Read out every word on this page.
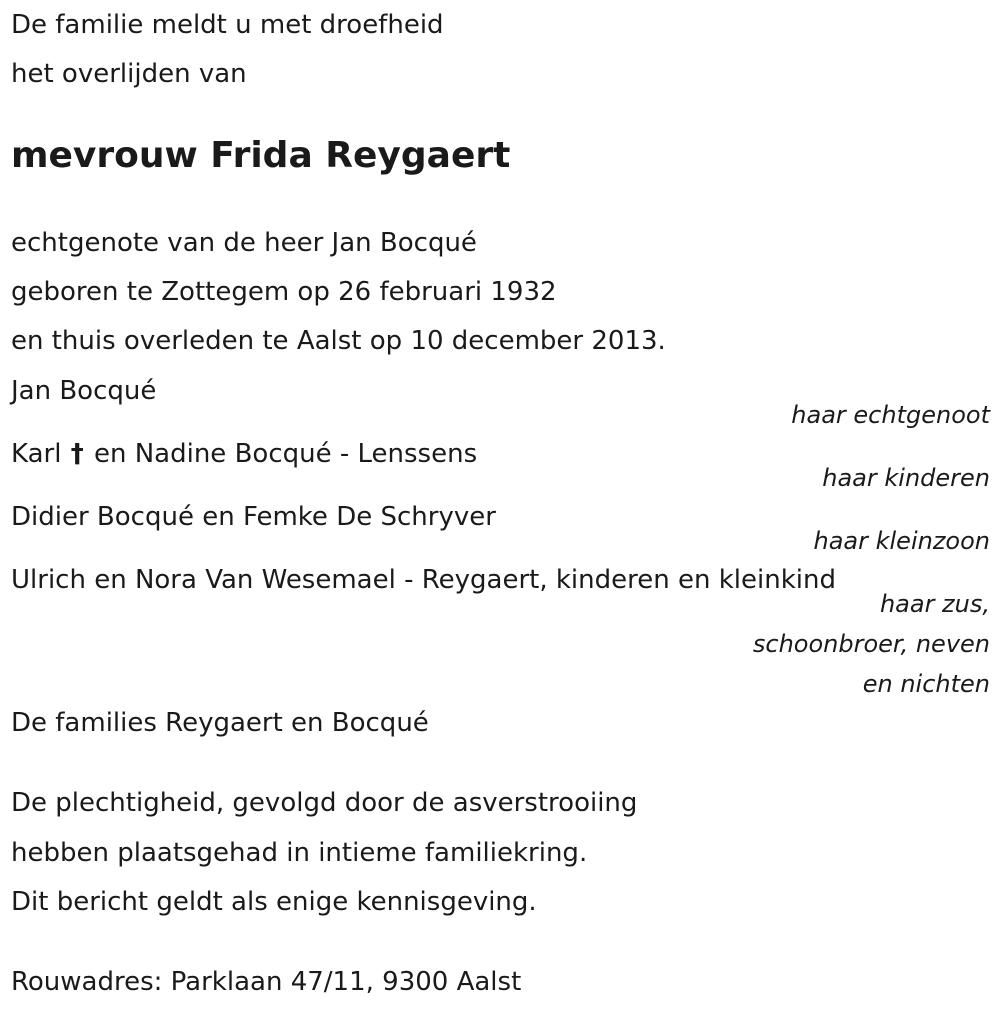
De familie meldt u met droefheid
het overlijden van
mevrouw Frida Reygaert
echtgenote van de heer Jan Bocqué
geboren te Zottegem op 26 februari 1932
en thuis overleden te Aalst op 10 december 2013.
Jan Bocqué
haar echtgenoot
Karl † en Nadine Bocqué - Lenssens
haar kinderen
Didier Bocqué en Femke De Schryver
haar kleinzoon
Ulrich en Nora Van Wesemael - Reygaert, kinderen en kleinkind
haar zus,
schoonbroer, neven
en nichten
De families Reygaert en Bocqué
De plechtigheid, gevolgd door de asverstrooiing
hebben plaatsgehad in intieme familiekring.
Dit bericht geldt als enige kennisgeving.
Rouwadres: Parklaan 47/11, 9300 Aalst
